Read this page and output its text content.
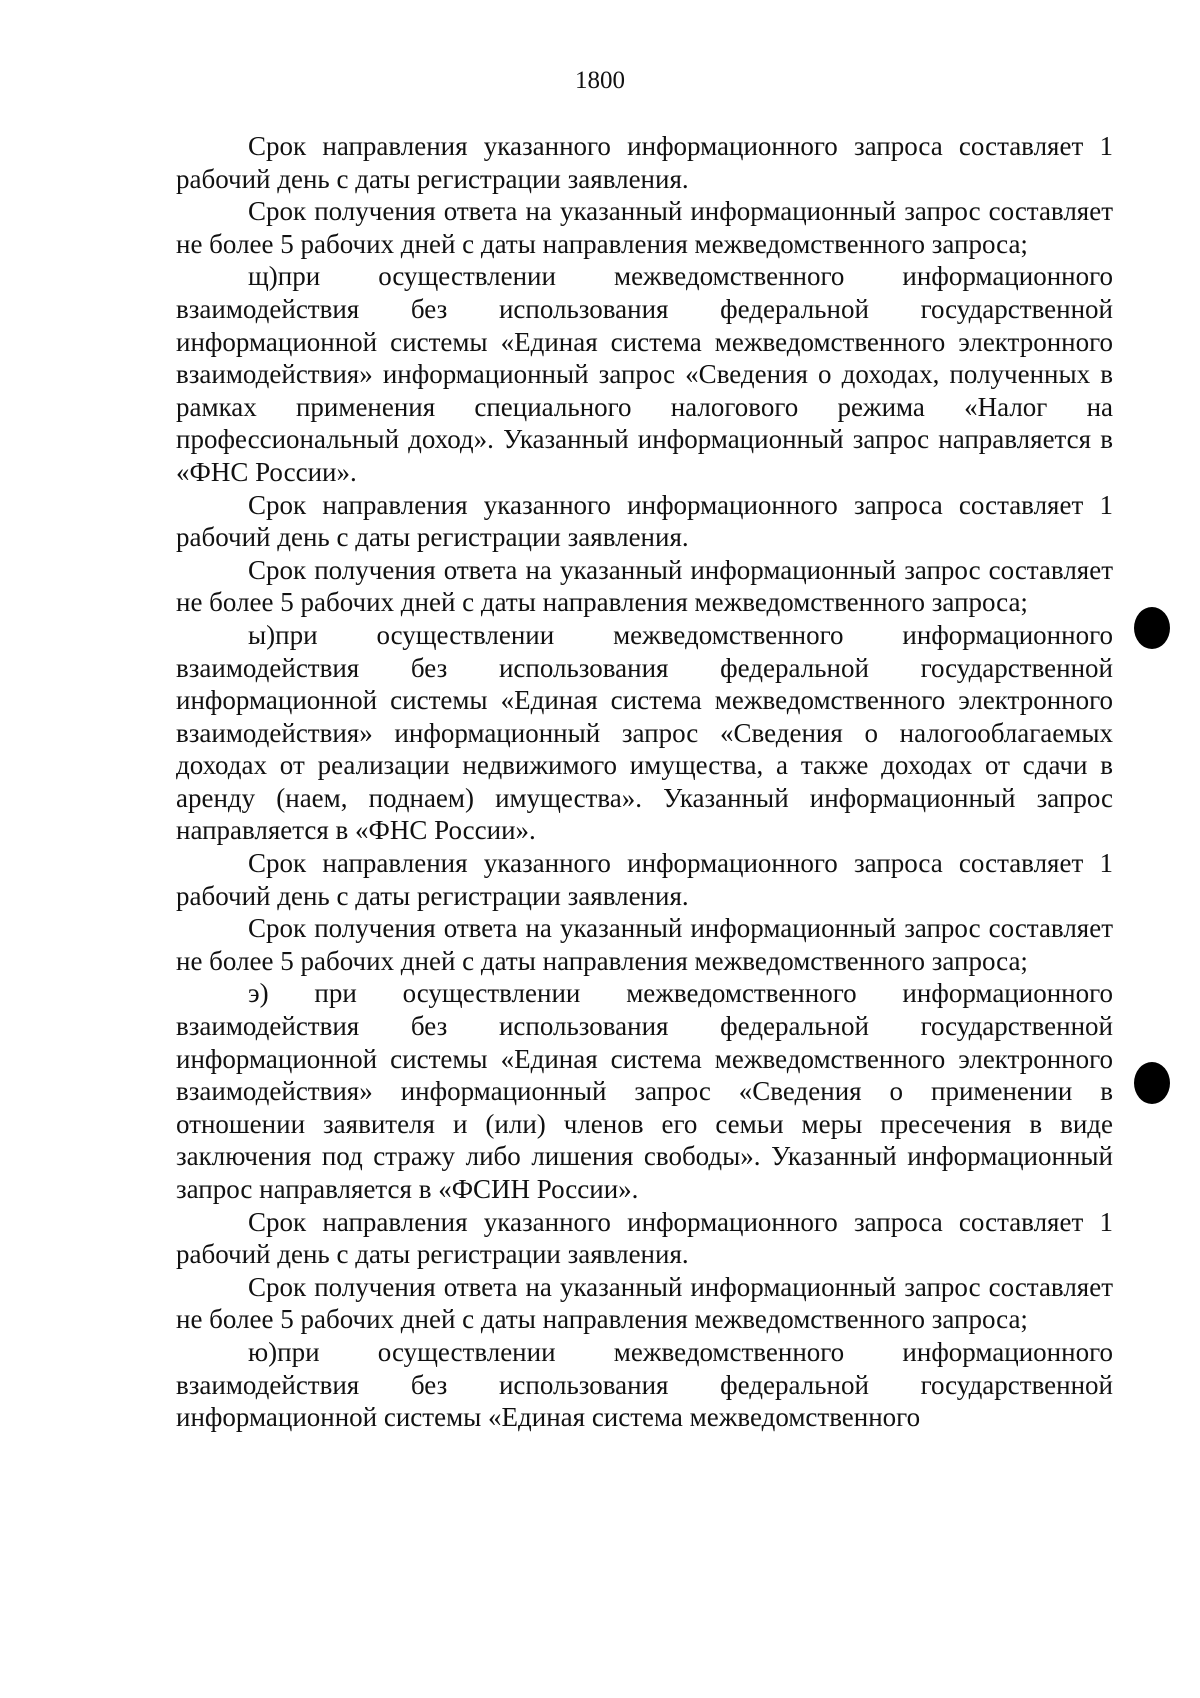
1800

Срок направления указанного информационного запроса составляет 1 рабочий день с даты регистрации заявления.

Срок получения ответа на указанный информационный запрос составляет не более 5 рабочих дней с даты направления межведомственного запроса;

щ)при осуществлении межведомственного информационного взаимодействия без использования федеральной государственной информационной системы «Единая система межведомственного электронного взаимодействия» информационный запрос «Сведения о доходах, полученных в рамках применения специального налогового режима «Налог на профессиональный доход». Указанный информационный запрос направляется в «ФНС России».

Срок направления указанного информационного запроса составляет 1 рабочий день с даты регистрации заявления.

Срок получения ответа на указанный информационный запрос составляет не более 5 рабочих дней с даты направления межведомственного запроса;

ы)при осуществлении межведомственного информационного взаимодействия без использования федеральной государственной информационной системы «Единая система межведомственного электронного взаимодействия» информационный запрос «Сведения о налогооблагаемых доходах от реализации недвижимого имущества, а также доходах от сдачи в аренду (наем, поднаем) имущества». Указанный информационный запрос направляется в «ФНС России».

Срок направления указанного информационного запроса составляет 1 рабочий день с даты регистрации заявления.

Срок получения ответа на указанный информационный запрос составляет не более 5 рабочих дней с даты направления межведомственного запроса;

э) при осуществлении межведомственного информационного взаимодействия без использования федеральной государственной информационной системы «Единая система межведомственного электронного взаимодействия» информационный запрос «Сведения о применении в отношении заявителя и (или) членов его семьи меры пресечения в виде заключения под стражу либо лишения свободы». Указанный информационный запрос направляется в «ФСИН России».

Срок направления указанного информационного запроса составляет 1 рабочий день с даты регистрации заявления.

Срок получения ответа на указанный информационный запрос составляет не более 5 рабочих дней с даты направления межведомственного запроса;

ю)при осуществлении межведомственного информационного взаимодействия без использования федеральной государственной информационной системы «Единая система межведомственного
